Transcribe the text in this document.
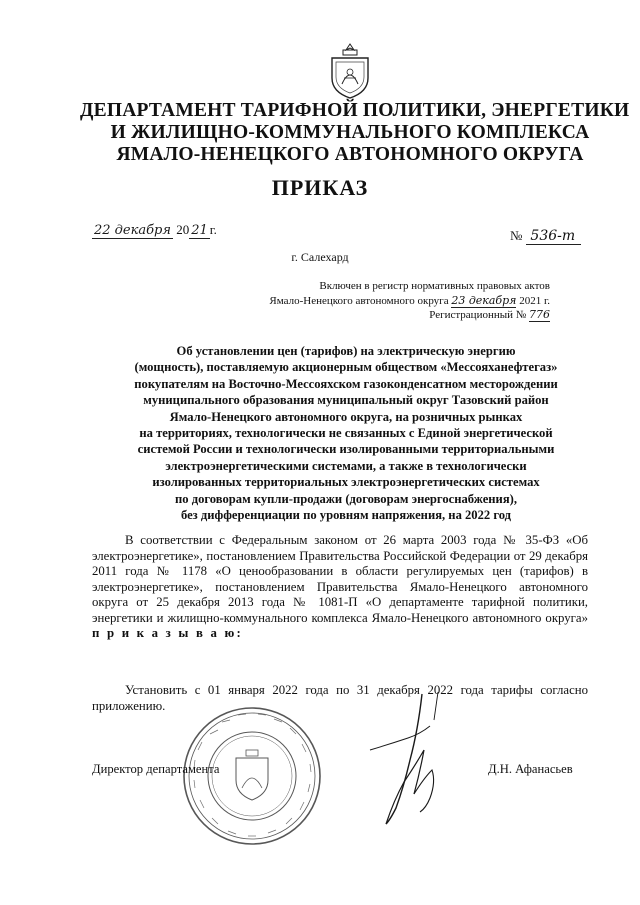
ДЕПАРТАМЕНТ ТАРИФНОЙ ПОЛИТИКИ, ЭНЕРГЕТИКИ
И ЖИЛИЩНО-КОММУНАЛЬНОГО КОМПЛЕКСА
ЯМАЛО-НЕНЕЦКОГО АВТОНОМНОГО ОКРУГА
ПРИКАЗ
22 декабря 20 21 г.	№ 536-т
г. Салехард
Включен в регистр нормативных правовых актов
Ямало-Ненецкого автономного округа 23 декабря 2021 г.
Регистрационный № 776
Об установлении цен (тарифов) на электрическую энергию
(мощность), поставляемую акционерным обществом «Мессояханефтегаз»
покупателям на Восточно-Мессояхском газоконденсатном месторождении
муниципального образования муниципальный округ Тазовский район
Ямало-Ненецкого автономного округа, на розничных рынках
на территориях, технологически не связанных с Единой энергетической
системой России и технологически изолированными территориальными
электроэнергетическими системами, а также в технологически
изолированных территориальных электроэнергетических системах
по договорам купли-продажи (договорам энергоснабжения),
без дифференциации по уровням напряжения, на 2022 год
В соответствии с Федеральным законом от 26 марта 2003 года № 35-ФЗ «Об электроэнергетике», постановлением Правительства Российской Федерации от 29 декабря 2011 года № 1178 «О ценообразовании в области регулируемых цен (тарифов) в электроэнергетике», постановлением Правительства Ямало-Ненецкого автономного округа от 25 декабря 2013 года № 1081-П «О департаменте тарифной политики, энергетики и жилищно-коммунального комплекса Ямало-Ненецкого автономного округа» п р и к а з ы в а ю:
Установить с 01 января 2022 года по 31 декабря 2022 года тарифы согласно приложению.
Директор департамента	Д.Н. Афанасьев
